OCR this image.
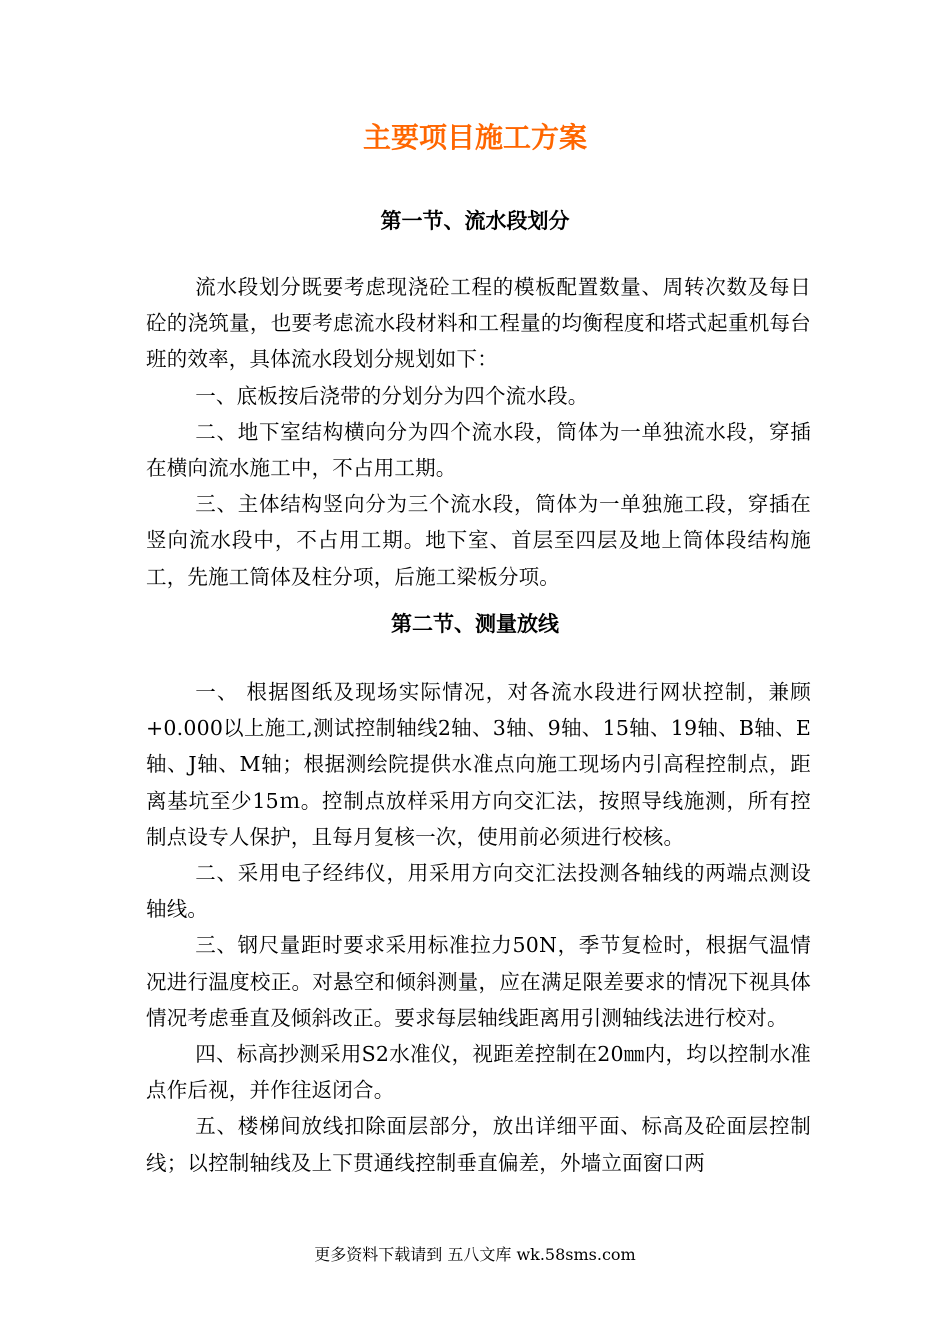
主要项目施工方案
第一节、流水段划分

流水段划分既要考虑现浇砼工程的模板配置数量、周转次数及每日砼的浇筑量，也要考虑流水段材料和工程量的均衡程度和塔式起重机每台班的效率，具体流水段划分规划如下：

一、底板按后浇带的分划分为四个流水段。

二、地下室结构横向分为四个流水段，筒体为一单独流水段，穿插在横向流水施工中，不占用工期。

三、主体结构竖向分为三个流水段，筒体为一单独施工段，穿插在竖向流水段中，不占用工期。地下室、首层至四层及地上筒体段结构施工，先施工筒体及柱分项，后施工梁板分项。

第二节、测量放线

一、 根据图纸及现场实际情况，对各流水段进行网状控制，兼顾+0.000以上施工,测试控制轴线2轴、3轴、9轴、15轴、19轴、B轴、E轴、J轴、M轴；根据测绘院提供水准点向施工现场内引高程控制点，距离基坑至少15ｍ。控制点放样采用方向交汇法，按照导线施测，所有控制点设专人保护，且每月复核一次，使用前必须进行校核。

二、采用电子经纬仪，用采用方向交汇法投测各轴线的两端点测设轴线。

三、钢尺量距时要求采用标准拉力50N，季节复检时，根据气温情况进行温度校正。对悬空和倾斜测量，应在满足限差要求的情况下视具体情况考虑垂直及倾斜改正。要求每层轴线距离用引测轴线法进行校对。

四、标高抄测采用S2水准仪，视距差控制在20㎜内，均以控制水准点作后视，并作往返闭合。

五、楼梯间放线扣除面层部分，放出详细平面、标高及砼面层控制线；以控制轴线及上下贯通线控制垂直偏差，外墙立面窗口两

更多资料下载请到 五八文库 wk.58sms.com
